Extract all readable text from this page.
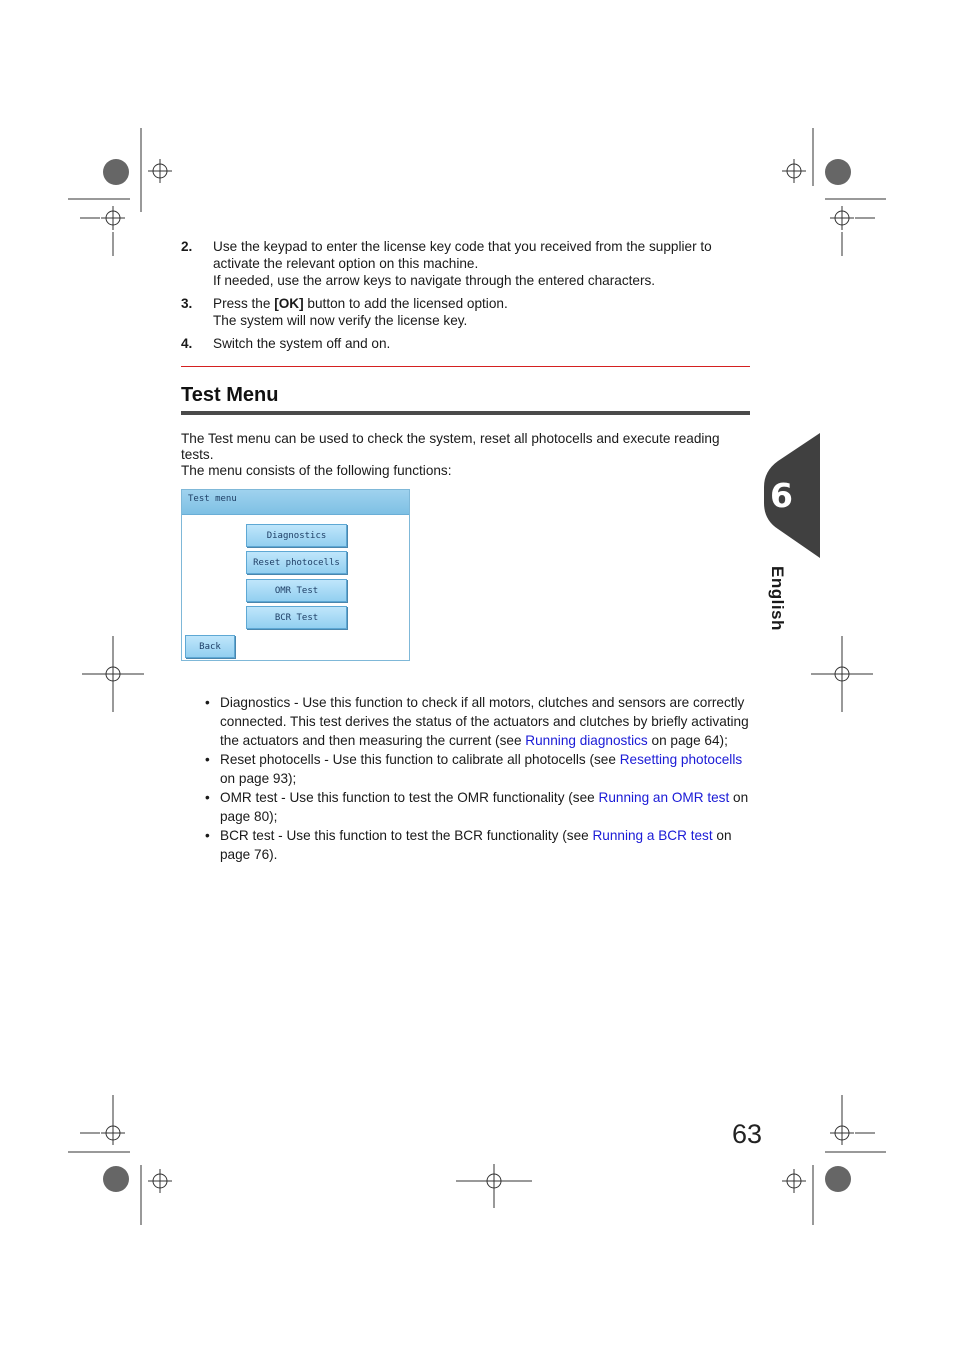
2.	Use the keypad to enter the license key code that you received from the supplier to
activate the relevant option on this machine.
If needed, use the arrow keys to navigate through the entered characters.
3.	Press the [OK] button to add the licensed option.
The system will now verify the license key.
4.	Switch the system off and on.
Test Menu
The Test menu can be used to check the system, reset all photocells and execute reading
tests.
The menu consists of the following functions:
Test menu
Diagnostics
Reset photocells
OMR Test
BCR Test
Back
• Diagnostics - Use this function to check if all motors, clutches and sensors are correctly connected. This test derives the status of the actuators and clutches by briefly activating the actuators and then measuring the current (see Running diagnostics on page 64);
• Reset photocells - Use this function to calibrate all photocells (see Resetting photocells on page 93);
• OMR test - Use this function to test the OMR functionality (see Running an OMR test on page 80);
• BCR test - Use this function to test the BCR functionality (see Running a BCR test on page 76).
6
English
63
